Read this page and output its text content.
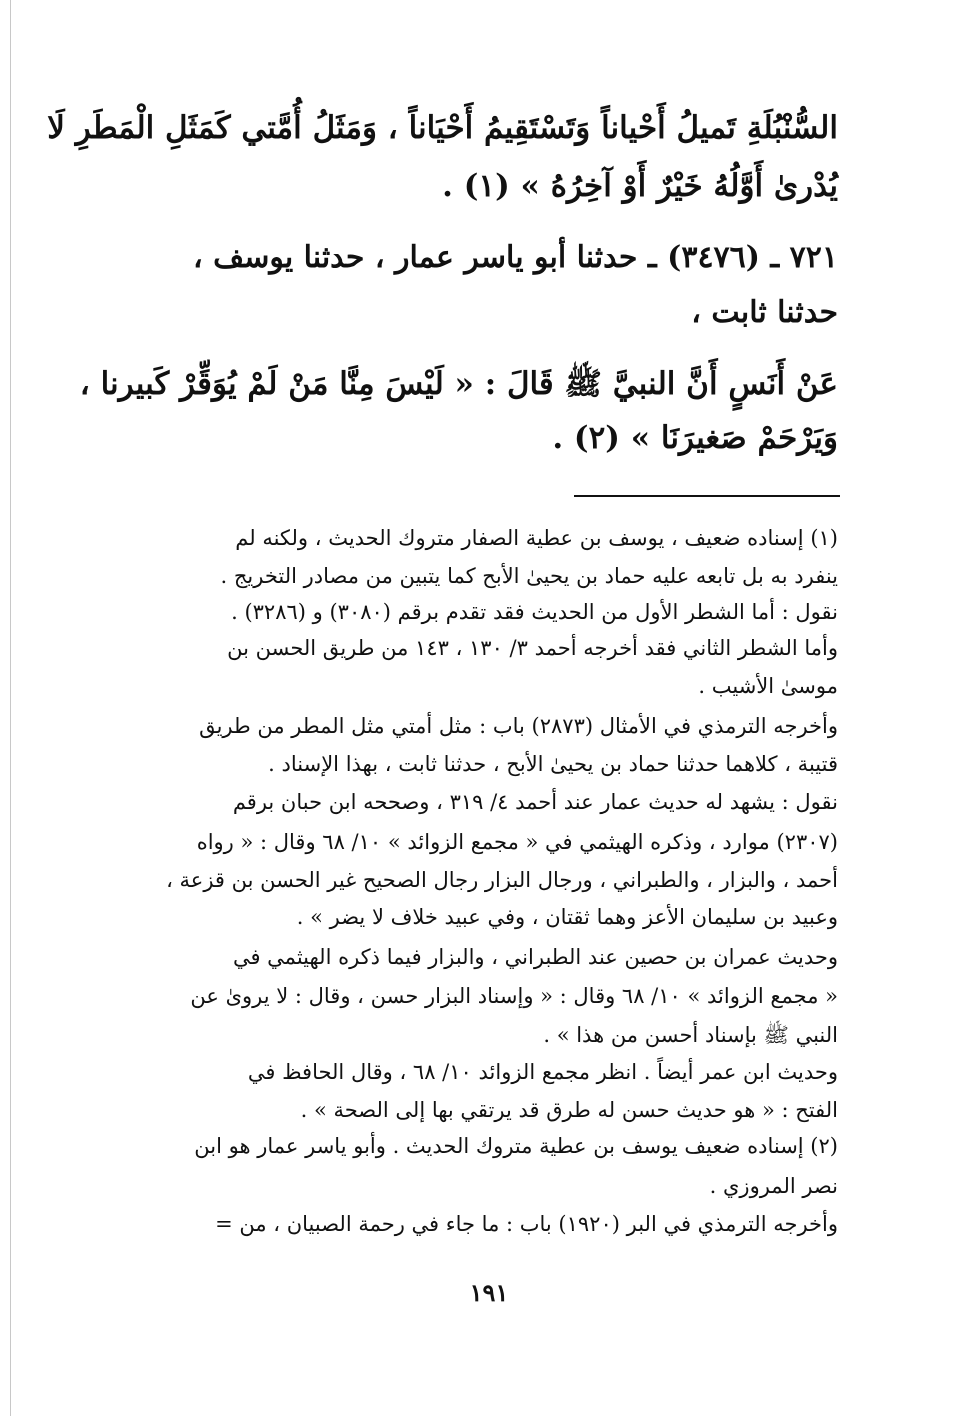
السُّنْبُلَةِ تَميلُ أَحْياناً وَتَسْتَقِيمُ أَحْيَاناً ، وَمَثَلُ أُمَّتي كَمَثَلِ الْمَطَرِ لَا
يُدْرىٰ أَوَّلُهُ خَيْرٌ أَوْ آخِرُهُ » (١) .
٧٢١ ـ (٣٤٧٦) ـ حدثنا أبو ياسر عمار ، حدثنا يوسف ،
حدثنا ثابت ،
عَنْ أَنَسٍ أَنَّ النبيَّ ﷺ قَالَ : « لَيْسَ مِنَّا مَنْ لَمْ يُوَقِّرْ كَبيرنا ،
وَيَرْحَمْ صَغيرَنَا » (٢) .
(١) إسناده ضعيف ، يوسف بن عطية الصفار متروك الحديث ، ولكنه لم
ينفرد به بل تابعه عليه حماد بن يحيىٰ الأبح كما يتبين من مصادر التخريج .
نقول : أما الشطر الأول من الحديث فقد تقدم برقم (٣٠٨٠) و (٣٢٨٦) .
وأما الشطر الثاني فقد أخرجه أحمد ٣/ ١٣٠ ، ١٤٣ من طريق الحسن بن
موسىٰ الأشيب .
وأخرجه الترمذي في الأمثال (٢٨٧٣) باب : مثل أمتي مثل المطر من طريق
قتيبة ، كلاهما حدثنا حماد بن يحيىٰ الأبح ، حدثنا ثابت ، بهذا الإسناد .
نقول : يشهد له حديث عمار عند أحمد ٤/ ٣١٩ ، وصححه ابن حبان برقم
(٢٣٠٧) موارد ، وذكره الهيثمي في « مجمع الزوائد » ١٠/ ٦٨ وقال : « رواه
أحمد ، والبزار ، والطبراني ، ورجال البزار رجال الصحيح غير الحسن بن قزعة ،
وعبيد بن سليمان الأعز وهما ثقتان ، وفي عبيد خلاف لا يضر » .
وحديث عمران بن حصين عند الطبراني ، والبزار فيما ذكره الهيثمي في
« مجمع الزوائد » ١٠/ ٦٨ وقال : « وإسناد البزار حسن ، وقال : لا يروىٰ عن
النبي ﷺ بإسناد أحسن من هذا » .
وحديث ابن عمر أيضاً . انظر مجمع الزوائد ١٠/ ٦٨ ، وقال الحافظ في
الفتح : « هو حديث حسن له طرق قد يرتقي بها إلى الصحة » .
(٢) إسناده ضعيف يوسف بن عطية متروك الحديث . وأبو ياسر عمار هو ابن
نصر المروزي .
وأخرجه الترمذي في البر (١٩٢٠) باب : ما جاء في رحمة الصبيان ، من =
١٩١
